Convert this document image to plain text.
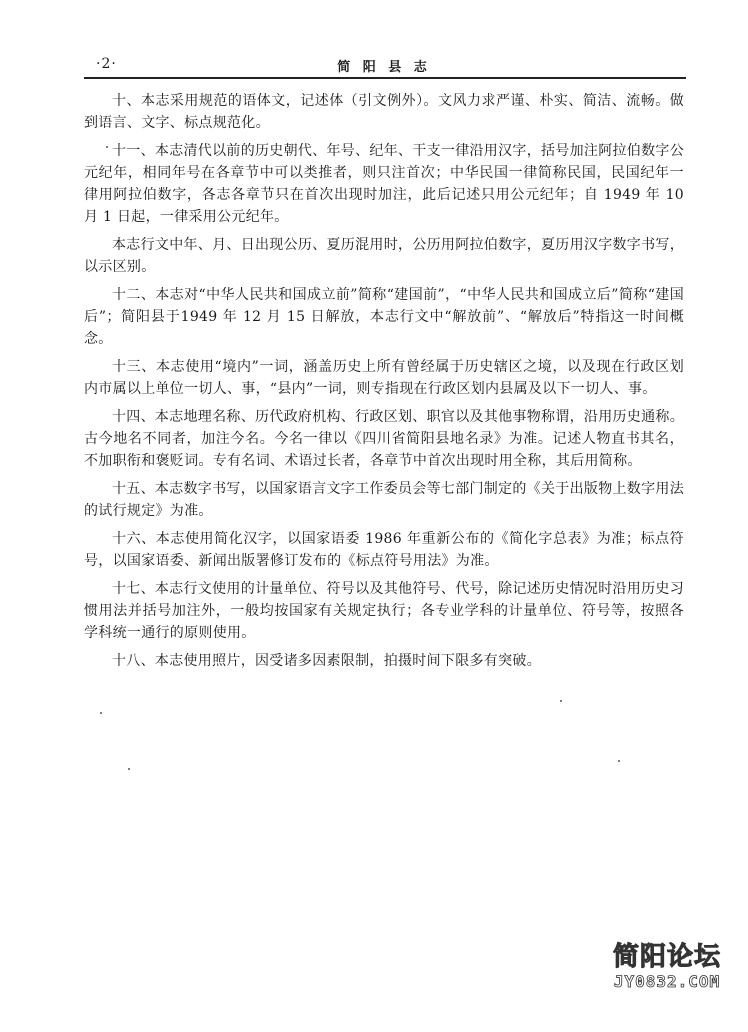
·2·	简 阳 县 志

十、本志采用规范的语体文，记述体（引文例外）。文风力求严谨、朴实、简洁、流畅。做到语言、文字、标点规范化。

十一、本志清代以前的历史朝代、年号、纪年、干支一律沿用汉字，括号加注阿拉伯数字公元纪年，相同年号在各章节中可以类推者，则只注首次；中华民国一律简称民国，民国纪年一律用阿拉伯数字，各志各章节只在首次出现时加注，此后记述只用公元纪年；自 1949 年 10 月 1 日起，一律采用公元纪年。

本志行文中年、月、日出现公历、夏历混用时，公历用阿拉伯数字，夏历用汉字数字书写，以示区别。

十二、本志对“中华人民共和国成立前”简称“建国前”，“中华人民共和国成立后”简称“建国后”；简阳县于1949 年 12 月 15 日解放，本志行文中“解放前”、“解放后”特指这一时间概念。

十三、本志使用“境内”一词，涵盖历史上所有曾经属于历史辖区之境，以及现在行政区划内市属以上单位一切人、事，“县内”一词，则专指现在行政区划内县属及以下一切人、事。

十四、本志地理名称、历代政府机构、行政区划、职官以及其他事物称谓，沿用历史通称。古今地名不同者，加注今名。今名一律以《四川省简阳县地名录》为准。记述人物直书其名，不加职衔和褒贬词。专有名词、术语过长者，各章节中首次出现时用全称，其后用简称。

十五、本志数字书写，以国家语言文字工作委员会等七部门制定的《关于出版物上数字用法的试行规定》为准。

十六、本志使用简化汉字，以国家语委 1986 年重新公布的《简化字总表》为准；标点符号，以国家语委、新闻出版署修订发布的《标点符号用法》为准。

十七、本志行文使用的计量单位、符号以及其他符号、代号，除记述历史情况时沿用历史习惯用法并括号加注外，一般均按国家有关规定执行；各专业学科的计量单位、符号等，按照各学科统一通行的原则使用。

十八、本志使用照片，因受诸多因素限制，拍摄时间下限多有突破。

简阳论坛
JY0832.COM
